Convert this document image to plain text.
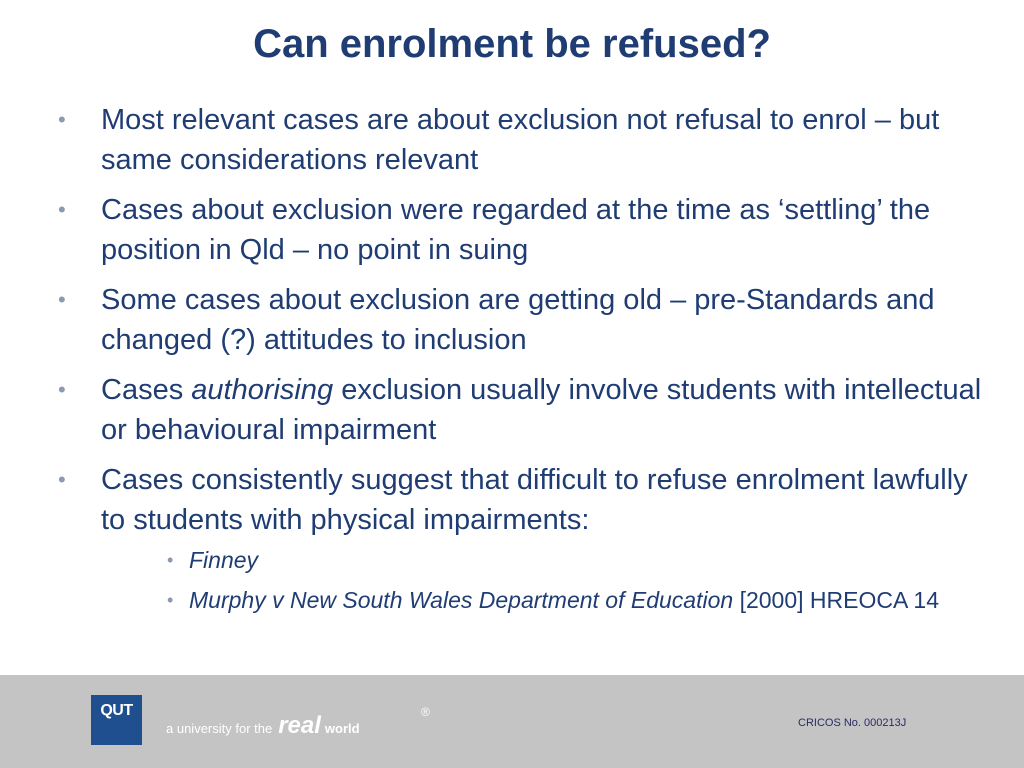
Can enrolment be refused?
• Most relevant cases are about exclusion not refusal to enrol – but same considerations relevant
• Cases about exclusion were regarded at the time as ‘settling’ the position in Qld – no point in suing
• Some cases about exclusion are getting old – pre-Standards and changed (?) attitudes to inclusion
• Cases authorising exclusion usually involve students with intellectual or behavioural impairment
• Cases consistently suggest that difficult to refuse enrolment lawfully to students with physical impairments:
• Finney
• Murphy v New South Wales Department of Education [2000] HREOCA 14
QUT
a university for the real world
®
CRICOS No. 000213J
